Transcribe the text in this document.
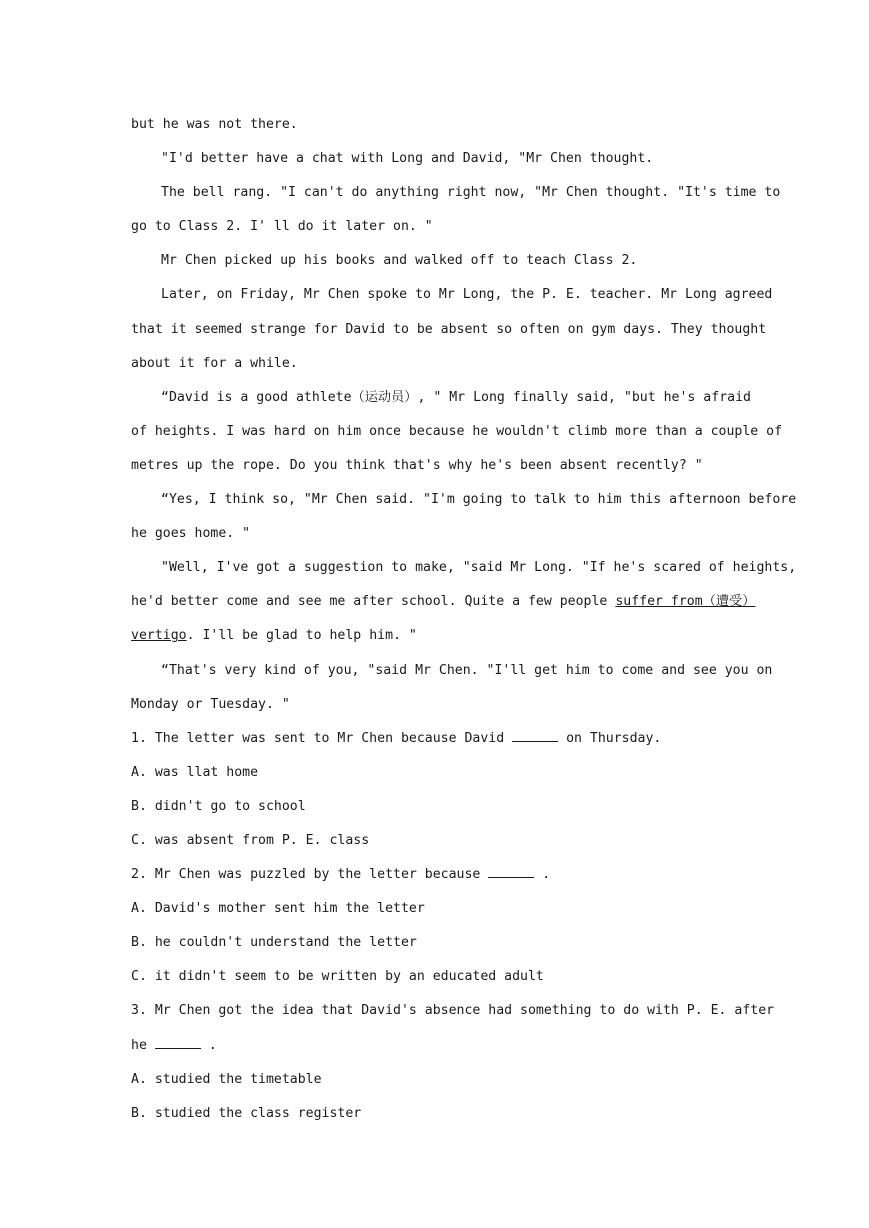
but he was not there.
"I'd better have a chat with Long and David, "Mr Chen thought.
The bell rang. "I can't do anything right now, "Mr Chen thought. "It's time to
go to Class 2. I' ll do it later on. "
Mr Chen picked up his books and walked off to teach Class 2.
Later, on Friday, Mr Chen spoke to Mr Long, the P. E. teacher. Mr Long agreed
that it seemed strange for David to be absent so often on gym days. They thought
about it for a while.
“David is a good athlete（运动员）, " Mr Long finally said, "but he's afraid
of heights. I was hard on him once because he wouldn't climb more than a couple of
metres up the rope. Do you think that's why he's been absent recently? "
“Yes, I think so, "Mr Chen said. "I'm going to talk to him this afternoon before
he goes home. "
"Well, I've got a suggestion to make, "said Mr Long. "If he's scared of heights,
he'd better come and see me after school. Quite a few people suffer from（遭受）
vertigo. I'll be glad to help him. "
“That's very kind of you, "said Mr Chen. "I'll get him to come and see you on
Monday or Tuesday. "
1. The letter was sent to Mr Chen because David	on Thursday.
A. was llat home
B. didn't go to school
C. was absent from P. E. class
2. Mr Chen was puzzled by the letter because	.
A. David's mother sent him the letter
B. he couldn't understand the letter
C. it didn't seem to be written by an educated adult
3. Mr Chen got the idea that David's absence had something to do with P. E. after
he	.
A. studied the timetable
B. studied the class register
